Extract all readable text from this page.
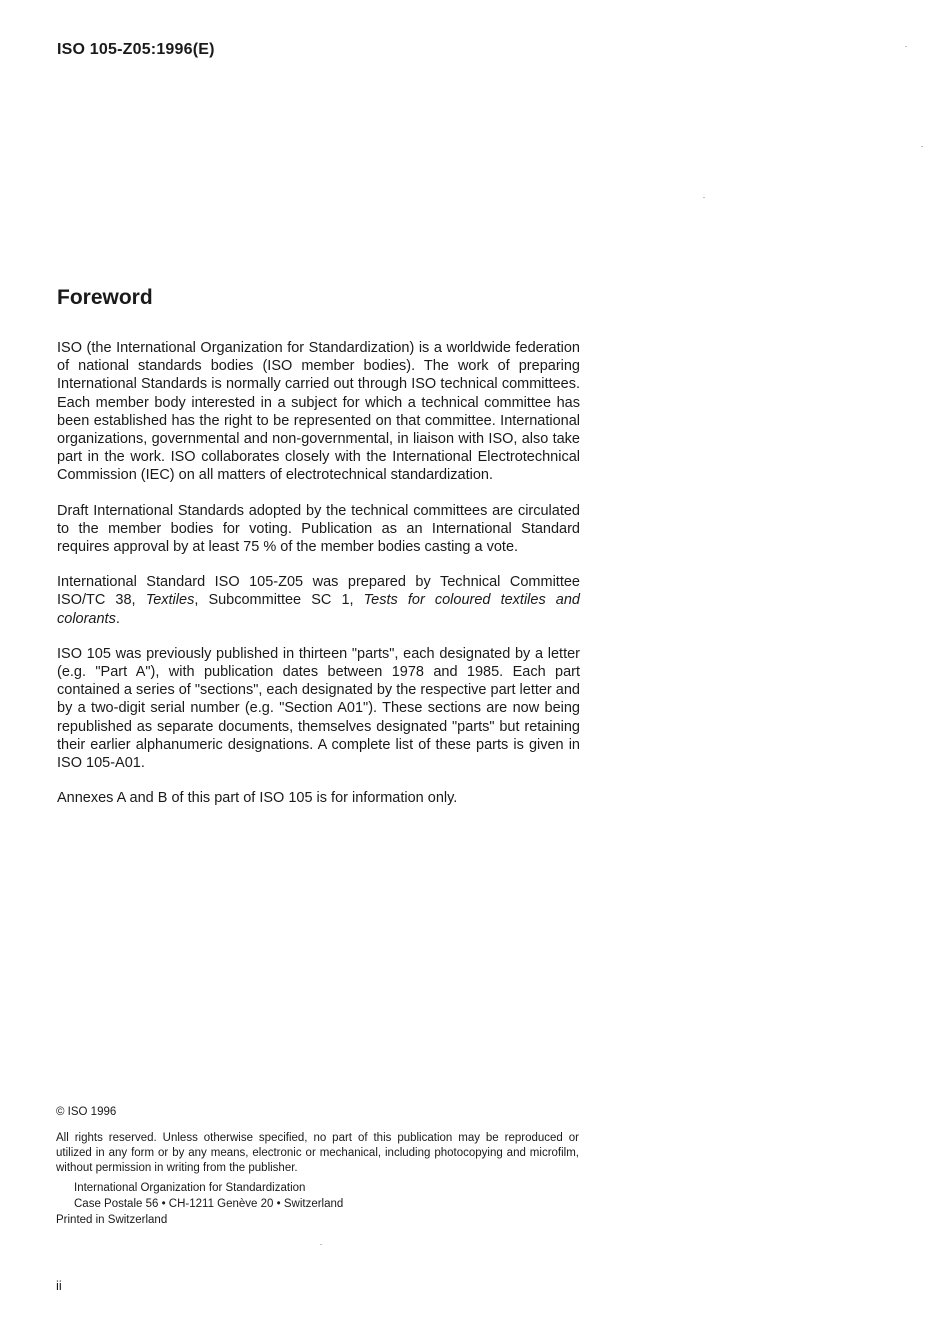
ISO 105-Z05:1996(E)
Foreword

ISO (the International Organization for Standardization) is a worldwide federation of national standards bodies (ISO member bodies). The work of preparing International Standards is normally carried out through ISO technical committees. Each member body interested in a subject for which a technical committee has been established has the right to be represented on that committee. International organizations, governmental and non-governmental, in liaison with ISO, also take part in the work. ISO collaborates closely with the International Electrotechnical Commission (IEC) on all matters of electrotechnical standardization.

Draft International Standards adopted by the technical committees are circulated to the member bodies for voting. Publication as an International Standard requires approval by at least 75 % of the member bodies casting a vote.

International Standard ISO 105-Z05 was prepared by Technical Committee ISO/TC 38, Textiles, Subcommittee SC 1, Tests for coloured textiles and colorants.

ISO 105 was previously published in thirteen "parts", each designated by a letter (e.g. "Part A"), with publication dates between 1978 and 1985. Each part contained a series of "sections", each designated by the respective part letter and by a two-digit serial number (e.g. "Section A01"). These sections are now being republished as separate documents, themselves designated "parts" but retaining their earlier alphanumeric designations. A complete list of these parts is given in ISO 105-A01.

Annexes A and B of this part of ISO 105 is for information only.

© ISO 1996
All rights reserved. Unless otherwise specified, no part of this publication may be reproduced or utilized in any form or by any means, electronic or mechanical, including photocopying and microfilm, without permission in writing from the publisher.
International Organization for Standardization
Case Postale 56 • CH-1211 Genève 20 • Switzerland
Printed in Switzerland
ii
